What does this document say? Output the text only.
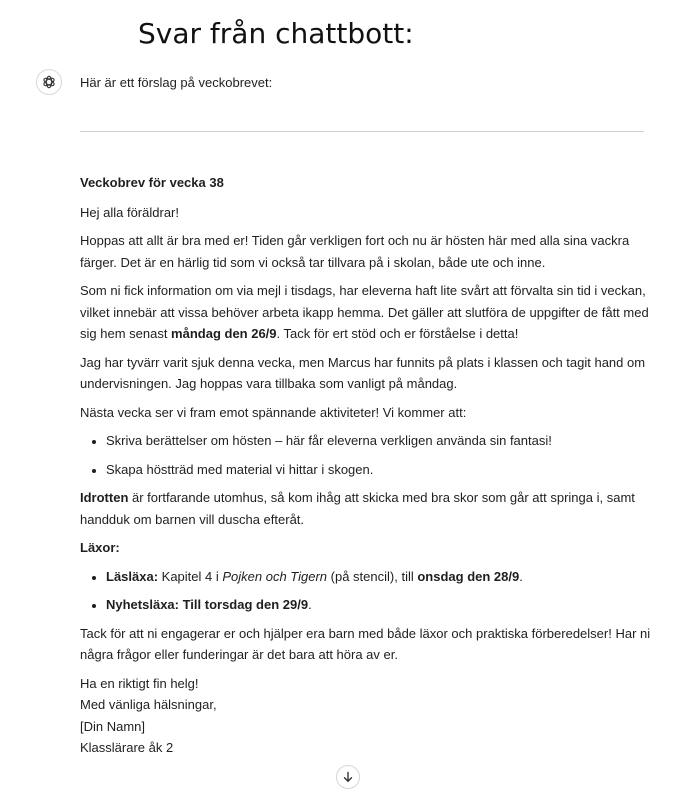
Svar från chattbott:
Här är ett förslag på veckobrevet:

Veckobrev för vecka 38

Hej alla föräldrar!

Hoppas att allt är bra med er! Tiden går verkligen fort och nu är hösten här med alla sina vackra färger. Det är en härlig tid som vi också tar tillvara på i skolan, både ute och inne.

Som ni fick information om via mejl i tisdags, har eleverna haft lite svårt att förvalta sin tid i veckan, vilket innebär att vissa behöver arbeta ikapp hemma. Det gäller att slutföra de uppgifter de fått med sig hem senast måndag den 26/9. Tack för ert stöd och er förståelse i detta!

Jag har tyvärr varit sjuk denna vecka, men Marcus har funnits på plats i klassen och tagit hand om undervisningen. Jag hoppas vara tillbaka som vanligt på måndag.

Nästa vecka ser vi fram emot spännande aktiviteter! Vi kommer att:

• Skriva berättelser om hösten – här får eleverna verkligen använda sin fantasi!
• Skapa höstträd med material vi hittar i skogen.

Idrotten är fortfarande utomhus, så kom ihåg att skicka med bra skor som går att springa i, samt handduk om barnen vill duscha efteråt.

Läxor:

• Läsläxa: Kapitel 4 i Pojken och Tigern (på stencil), till onsdag den 28/9.
• Nyhetsläxa: Till torsdag den 29/9.

Tack för att ni engagerar er och hjälper era barn med både läxor och praktiska förberedelser! Har ni några frågor eller funderingar är det bara att höra av er.

Ha en riktigt fin helg!

Med vänliga hälsningar,

[Din Namn]

Klasslärare åk 2
